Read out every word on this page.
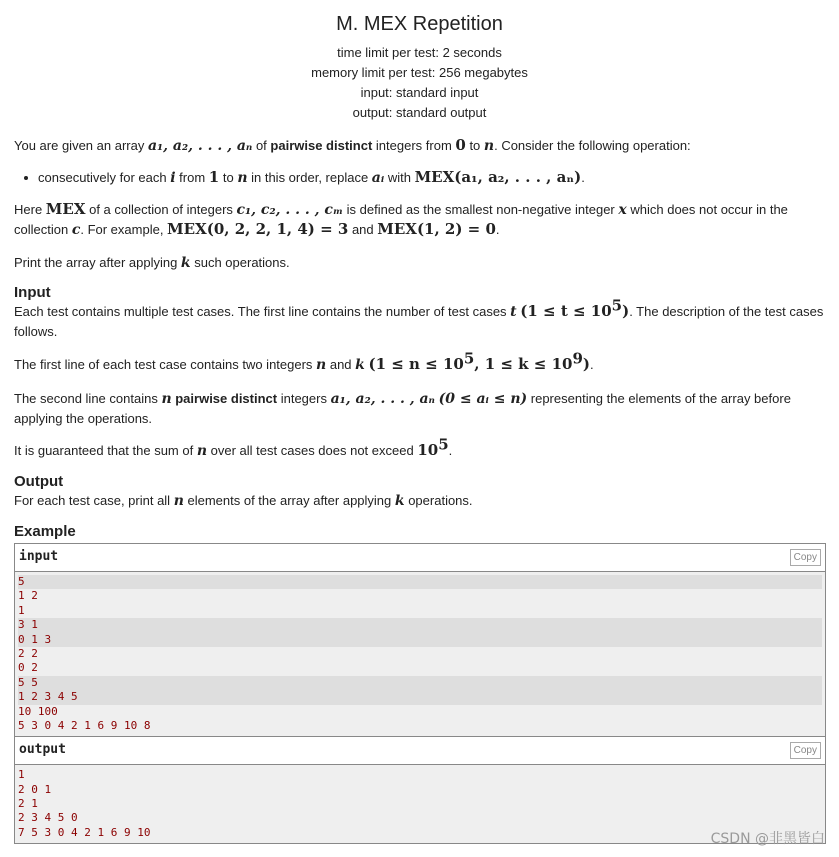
M. MEX Repetition
time limit per test: 2 seconds
memory limit per test: 256 megabytes
input: standard input
output: standard output

You are given an array a₁, a₂, . . . , aₙ of pairwise distinct integers from 0 to n. Consider the following operation:

consecutively for each i from 1 to n in this order, replace aᵢ with MEX(a₁, a₂, . . . , aₙ).

Here MEX of a collection of integers c₁, c₂, . . . , cₘ is defined as the smallest non-negative integer x which does not occur in the collection c. For example, MEX(0, 2, 2, 1, 4) = 3 and MEX(1, 2) = 0.

Print the array after applying k such operations.

Input

Each test contains multiple test cases. The first line contains the number of test cases t $(1 \le t \le 10^5)$. The description of the test cases follows.

The first line of each test case contains two integers n and k ($1 \le n \le 10^5$, $1 \le k \le 10^9$).

The second line contains n pairwise distinct integers a₁, a₂, . . . , aₙ (0 ≤ aᵢ ≤ n) representing the elements of the array before applying the operations.

It is guaranteed that the sum of n over all test cases does not exceed $10^5$.

Output

For each test case, print all n elements of the array after applying k operations.

Example
input	Copy
5
1 2
1
3 1
0 1 3
2 2
0 2
5 5
1 2 3 4 5
10 100
5 3 0 4 2 1 6 9 10 8
output	Copy
1
2 0 1
2 1
2 3 4 5 0
7 5 3 0 4 2 1 6 9 10	CSDN @非黑皆白
